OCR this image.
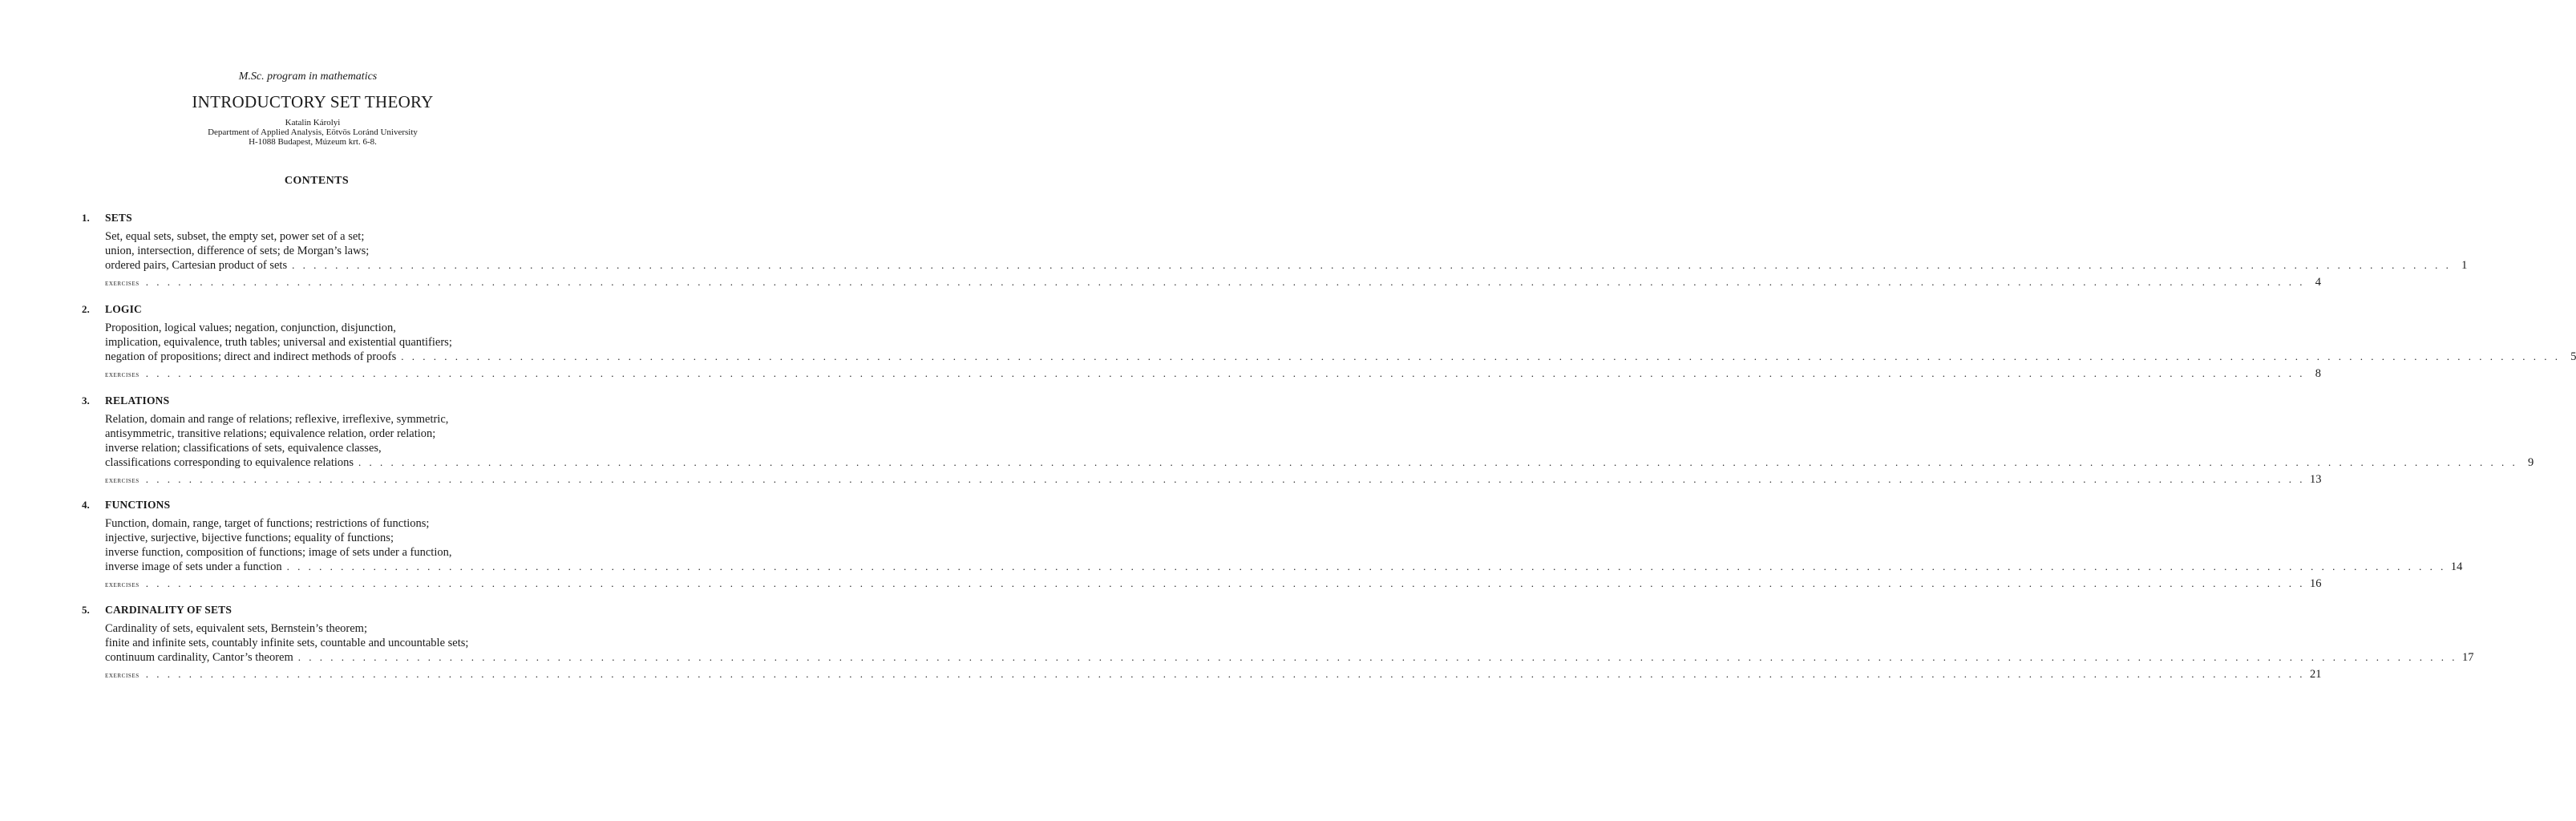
M.Sc. program in mathematics
INTRODUCTORY SET THEORY
Katalin Károlyi
Department of Applied Analysis, Eötvös Loránd University
H-1088 Budapest, Múzeum krt. 6-8.
CONTENTS
1. SETS
Set, equal sets, subset, the empty set, power set of a set;
union, intersection, difference of sets; de Morgan’s laws;
ordered pairs, Cartesian product of sets . . . . . . . . . . . . . . . . . . . . . . . . . . . . . . . . . . . . . . . . . . . . . . . . . . . . . . . . . . . . . . . . . . . . . . . . . . . . . . . . . . . . . . . . . . . . . . . . . . . . . . . . . . . . . . . . . . . . . . . . . . . . . . . . . . . . . . . . . . . . . . . . . . . . . . . . . . . . . . . . . . . . . . . . . . . . . . . . . . . . . . . . . . . . . . . . . . . . . . . . 1
exercises . . . . . . . . . . . . . . . . . . . . . . . . . . . . . . . . . . . . . . . . . . . . . . . . . . . . . . . . . . . . . . . . . . . . . . . . . . . . . . . . . . . . . . . . . . . . . . . . . . . . . . . . . . . . . . . . . . . . . . . . . . . . . . . . . . . . . . . . . . . . . . . . . . . . . . . . . . . . . . . . . . . . . . . . . . . . . . . . . . . . . . . . . . . . . . . . . . . . . . . . 4
2. LOGIC
Proposition, logical values; negation, conjunction, disjunction,
implication, equivalence, truth tables; universal and existential quantifiers;
negation of propositions; direct and indirect methods of proofs . . . . . . . . . . . . . . . . . . . . . . . . . . . . . . . . . . . . . . . . . . . . . . . . . . . . . . . . . . . . . . . . . . . . . . . . . . . . . . . . . . . . . . . . . . . . . . . . . . . . . . . . . . . . . . . . . . . . . . . . . . . . . . . . . . . . . . . . . . . . . . . . . . . . . . . . . . . . . . . . . . . . . . . . . . . . . . . . . . . . . . . . . . . . . . . . . . . . . . . . 5
exercises . . . . . . . . . . . . . . . . . . . . . . . . . . . . . . . . . . . . . . . . . . . . . . . . . . . . . . . . . . . . . . . . . . . . . . . . . . . . . . . . . . . . . . . . . . . . . . . . . . . . . . . . . . . . . . . . . . . . . . . . . . . . . . . . . . . . . . . . . . . . . . . . . . . . . . . . . . . . . . . . . . . . . . . . . . . . . . . . . . . . . . . . . . . . . . . . . . . . . . . . 8
3. RELATIONS
Relation, domain and range of relations; reflexive, irreflexive, symmetric,
antisymmetric, transitive relations; equivalence relation, order relation;
inverse relation; classifications of sets, equivalence classes,
classifications corresponding to equivalence relations . . . . . . . . . . . . . . . . . . . . . . . . . . . . . . . . . . . . . . . . . . . . . . . . . . . . . . . . . . . . . . . . . . . . . . . . . . . . . . . . . . . . . . . . . . . . . . . . . . . . . . . . . . . . . . . . . . . . . . . . . . . . . . . . . . . . . . . . . . . . . . . . . . . . . . . . . . . . . . . . . . . . . . . . . . . . . . . . . . . . . . . . . . . . . . . . . . . . . . . . 9
exercises . . . . . . . . . . . . . . . . . . . . . . . . . . . . . . . . . . . . . . . . . . . . . . . . . . . . . . . . . . . . . . . . . . . . . . . . . . . . . . . . . . . . . . . . . . . . . . . . . . . . . . . . . . . . . . . . . . . . . . . . . . . . . . . . . . . . . . . . . . . . . . . . . . . . . . . . . . . . . . . . . . . . . . . . . . . . . . . . . . . . . . . . . . . . . . . . . . . . . . . . 13
4. FUNCTIONS
Function, domain, range, target of functions; restrictions of functions;
injective, surjective, bijective functions; equality of functions;
inverse function, composition of functions; image of sets under a function,
inverse image of sets under a function . . . . . . . . . . . . . . . . . . . . . . . . . . . . . . . . . . . . . . . . . . . . . . . . . . . . . . . . . . . . . . . . . . . . . . . . . . . . . . . . . . . . . . . . . . . . . . . . . . . . . . . . . . . . . . . . . . . . . . . . . . . . . . . . . . . . . . . . . . . . . . . . . . . . . . . . . . . . . . . . . . . . . . . . . . . . . . . . . . . . . . . . . . . . . . . . . . . . . . . . 14
exercises . . . . . . . . . . . . . . . . . . . . . . . . . . . . . . . . . . . . . . . . . . . . . . . . . . . . . . . . . . . . . . . . . . . . . . . . . . . . . . . . . . . . . . . . . . . . . . . . . . . . . . . . . . . . . . . . . . . . . . . . . . . . . . . . . . . . . . . . . . . . . . . . . . . . . . . . . . . . . . . . . . . . . . . . . . . . . . . . . . . . . . . . . . . . . . . . . . . . . . . . 16
5. CARDINALITY OF SETS
Cardinality of sets, equivalent sets, Bernstein’s theorem;
finite and infinite sets, countably infinite sets, countable and uncountable sets;
continuum cardinality, Cantor’s theorem . . . . . . . . . . . . . . . . . . . . . . . . . . . . . . . . . . . . . . . . . . . . . . . . . . . . . . . . . . . . . . . . . . . . . . . . . . . . . . . . . . . . . . . . . . . . . . . . . . . . . . . . . . . . . . . . . . . . . . . . . . . . . . . . . . . . . . . . . . . . . . . . . . . . . . . . . . . . . . . . . . . . . . . . . . . . . . . . . . . . . . . . . . . . . . . . . . . . . . . . 17
exercises . . . . . . . . . . . . . . . . . . . . . . . . . . . . . . . . . . . . . . . . . . . . . . . . . . . . . . . . . . . . . . . . . . . . . . . . . . . . . . . . . . . . . . . . . . . . . . . . . . . . . . . . . . . . . . . . . . . . . . . . . . . . . . . . . . . . . . . . . . . . . . . . . . . . . . . . . . . . . . . . . . . . . . . . . . . . . . . . . . . . . . . . . . . . . . . . . . . . . . . . 21
